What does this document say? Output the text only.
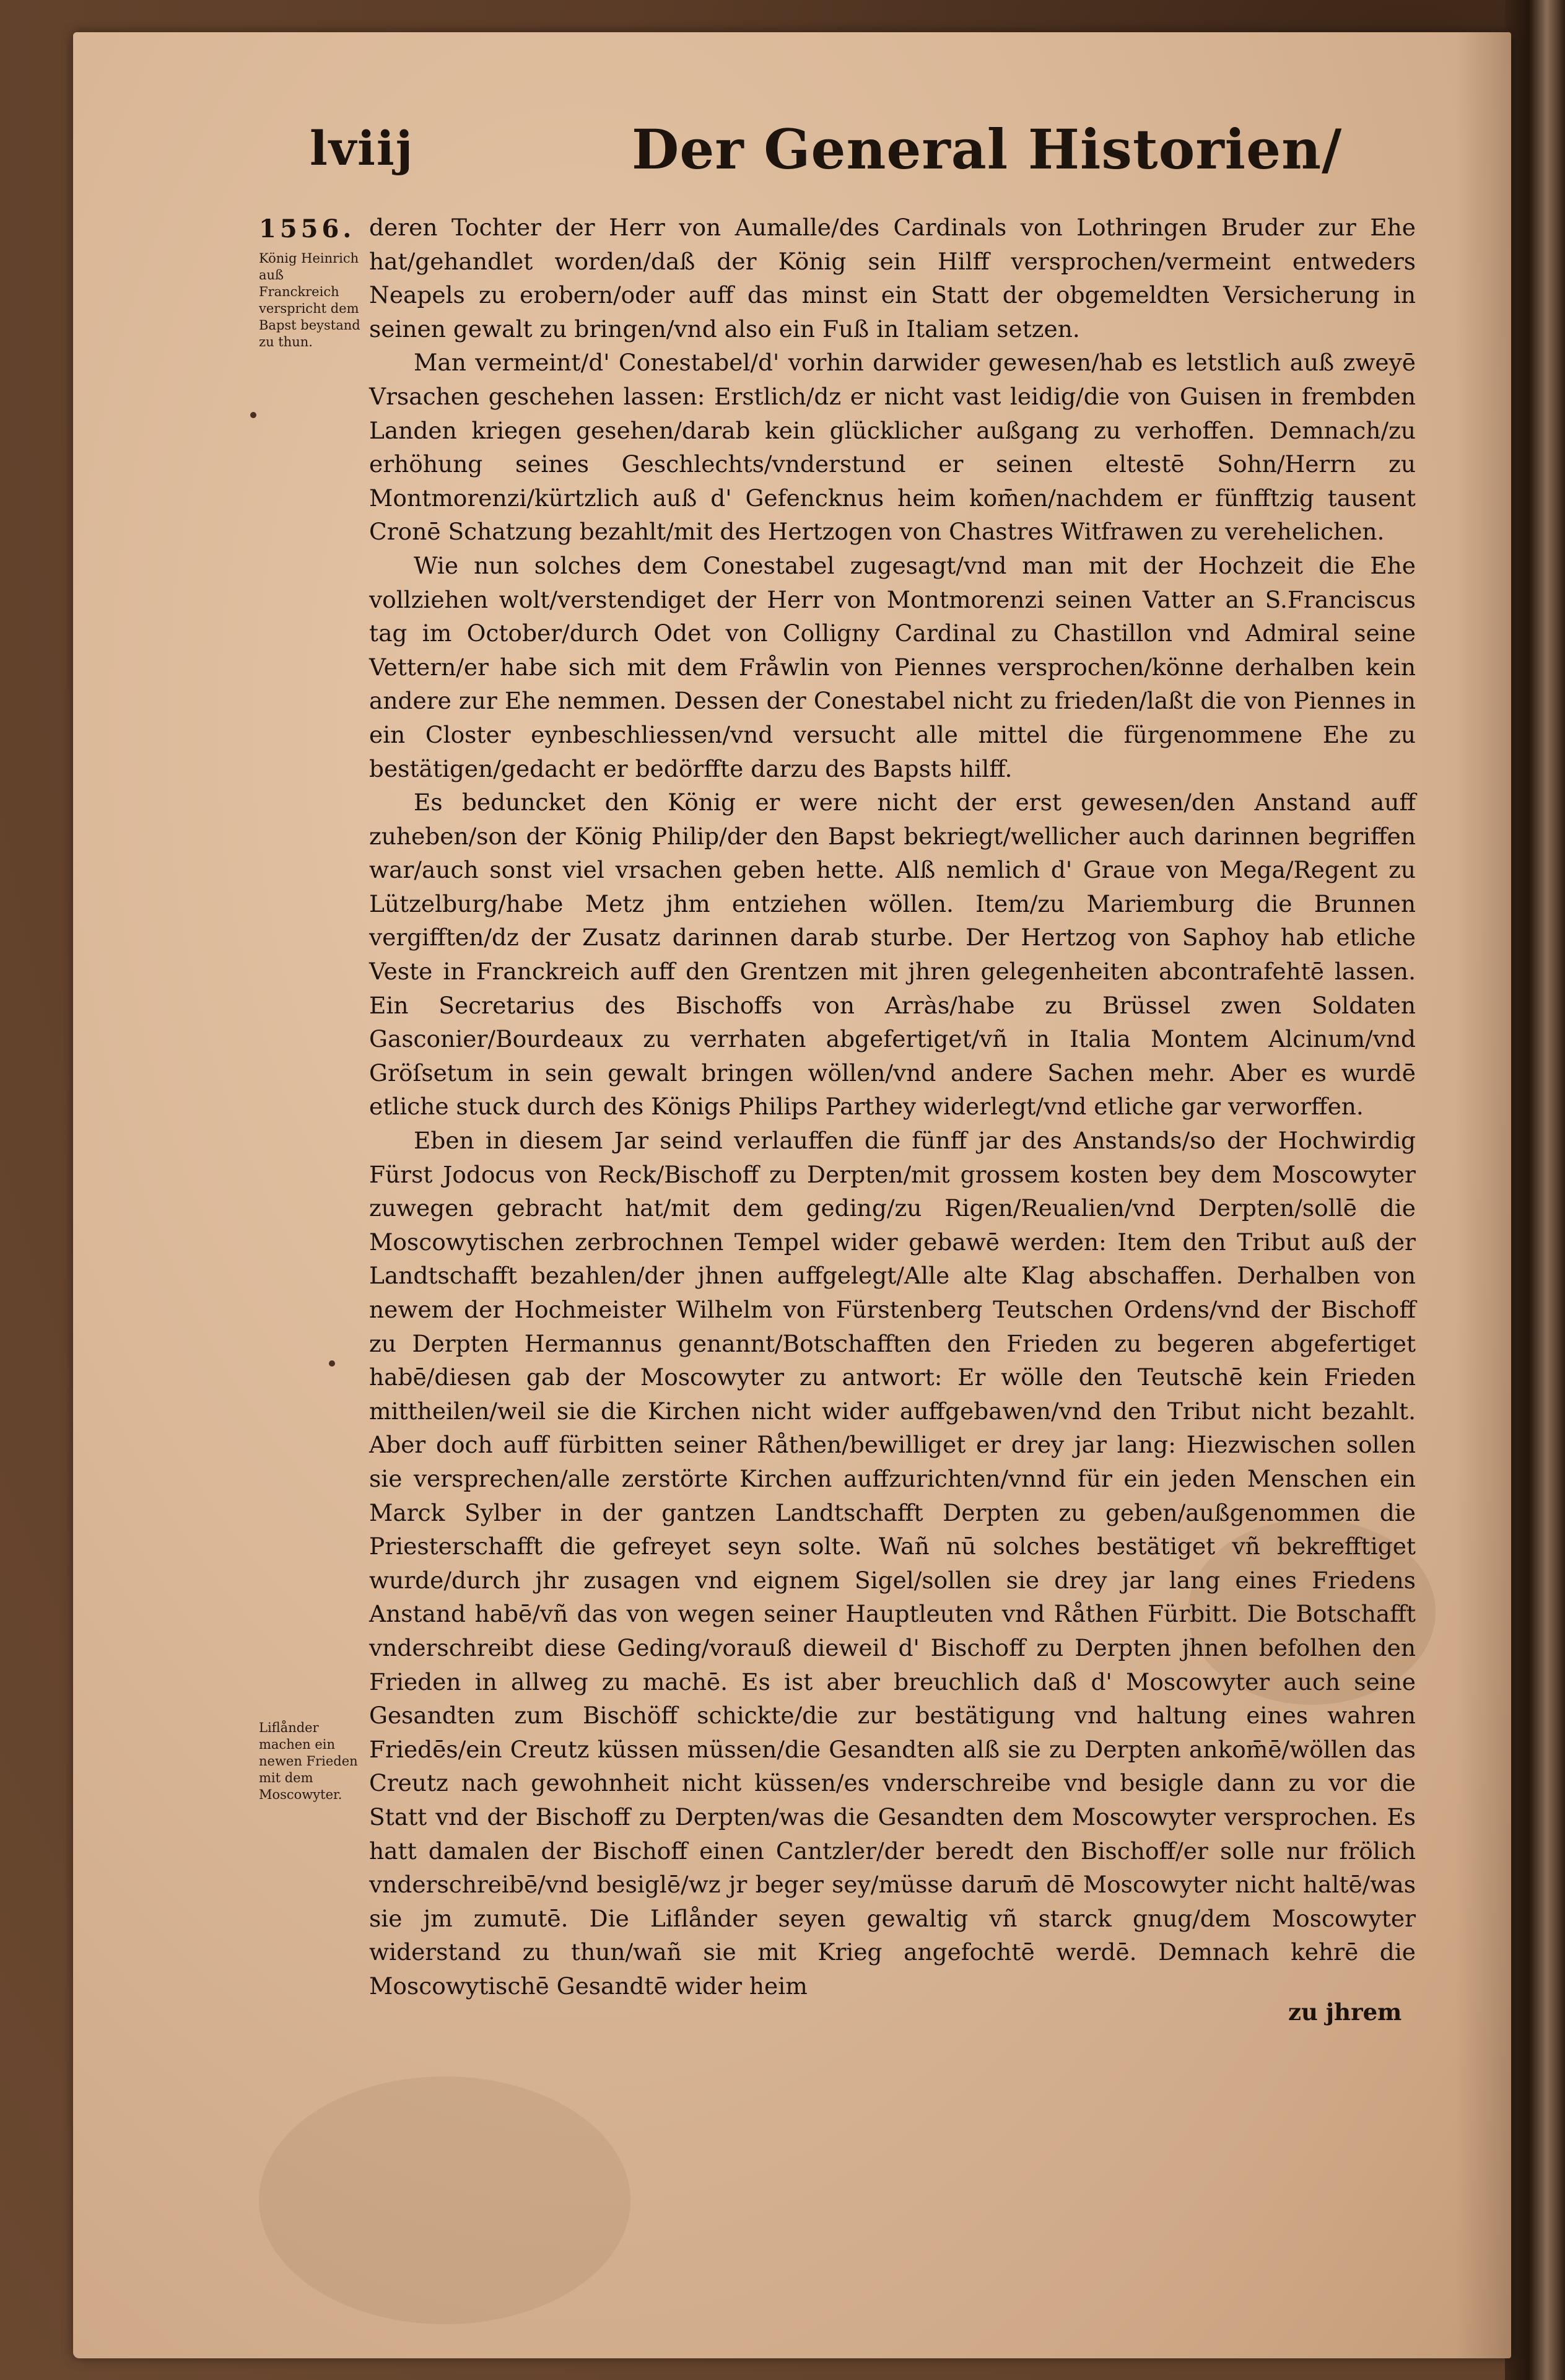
lviij	Der General Historien/
1556.
König Heinrich auß Franckreich verspricht dem Bapst beystand zu thun.
Liflånder machen ein newen Frieden mit dem Moscowyter.

deren Tochter der Herr von Aumalle/des Cardinals von Lothringen Bruder zur Ehe hat/gehandlet worden/daß der König sein Hilff versprochen/vermeint entweders Neapels zu erobern/oder auff das minst ein Statt der obgemeldten Versicherung in seinen gewalt zu bringen/vnd also ein Fuß in Italiam setzen.

Man vermeint/d' Conestabel/d' vorhin darwider gewesen/hab es letstlich auß zweyē Vrsachen geschehen lassen: Erstlich/dz er nicht vast leidig/die von Guisen in frembden Landen kriegen gesehen/darab kein glücklicher außgang zu verhoffen. Demnach/zu erhöhung seines Geschlechts/vnderstund er seinen eltestē Sohn/Herrn zu Montmorenzi/kürtzlich auß d' Gefencknus heim kom̄en/nachdem er fünfftzig tausent Cronē Schatzung bezahlt/mit des Hertzogen von Chastres Witfrawen zu verehelichen.

Wie nun solches dem Conestabel zugesagt/vnd man mit der Hochzeit die Ehe vollziehen wolt/verstendiget der Herr von Montmorenzi seinen Vatter an S.Franciscus tag im October/durch Odet von Colligny Cardinal zu Chastillon vnd Admiral seine Vettern/er habe sich mit dem Fråwlin von Piennes versprochen/könne derhalben kein andere zur Ehe nemmen. Dessen der Conestabel nicht zu frieden/laßt die von Piennes in ein Closter eynbeschliessen/vnd versucht alle mittel die fürgenommene Ehe zu bestätigen/gedacht er bedörffte darzu des Bapsts hilff.

Es beduncket den König er were nicht der erst gewesen/den Anstand auff zuheben/son der König Philip/der den Bapst bekriegt/wellicher auch darinnen begriffen war/auch sonst viel vrsachen geben hette. Alß nemlich d' Graue von Mega/Regent zu Lützelburg/habe Metz jhm entziehen wöllen. Item/zu Mariemburg die Brunnen vergifften/dz der Zusatz darinnen darab sturbe. Der Hertzog von Saphoy hab etliche Veste in Franckreich auff den Grentzen mit jhren gelegenheiten abcontrafehtē lassen. Ein Secretarius des Bischoffs von Arràs/habe zu Brüssel zwen Soldaten Gasconier/Bourdeaux zu verrhaten abgefertiget/vñ in Italia Montem Alcinum/vnd Gröſsetum in sein gewalt bringen wöllen/vnd andere Sachen mehr. Aber es wurdē etliche stuck durch des Königs Philips Parthey widerlegt/vnd etliche gar verworffen.

Eben in diesem Jar seind verlauffen die fünff jar des Anstands/so der Hochwirdig Fürst Jodocus von Reck/Bischoff zu Derpten/mit grossem kosten bey dem Moscowyter zuwegen gebracht hat/mit dem geding/zu Rigen/Reualien/vnd Derpten/sollē die Moscowytischen zerbrochnen Tempel wider gebawē werden: Item den Tribut auß der Landtschafft bezahlen/der jhnen auffgelegt/Alle alte Klag abschaffen. Derhalben von newem der Hochmeister Wilhelm von Fürstenberg Teutschen Ordens/vnd der Bischoff zu Derpten Hermannus genannt/Botschafften den Frieden zu begeren abgefertiget habē/diesen gab der Moscowyter zu antwort: Er wölle den Teutschē kein Frieden mittheilen/weil sie die Kirchen nicht wider auffgebawen/vnd den Tribut nicht bezahlt. Aber doch auff fürbitten seiner Råthen/bewilliget er drey jar lang: Hiezwischen sollen sie versprechen/alle zerstörte Kirchen auffzurichten/vnnd für ein jeden Menschen ein Marck Sylber in der gantzen Landtschafft Derpten zu geben/außgenommen die Priesterschafft die gefreyet seyn solte. Wañ nū solches bestätiget vñ bekrefftiget wurde/durch jhr zusagen vnd eignem Sigel/sollen sie drey jar lang eines Friedens Anstand habē/vñ das von wegen seiner Hauptleuten vnd Råthen Fürbitt. Die Botschafft vnderschreibt diese Geding/vorauß dieweil d' Bischoff zu Derpten jhnen befolhen den Frieden in allweg zu machē. Es ist aber breuchlich daß d' Moscowyter auch seine Gesandten zum Bischöff schickte/die zur bestätigung vnd haltung eines wahren Friedēs/ein Creutz küssen müssen/die Gesandten alß sie zu Derpten ankom̄ē/wöllen das Creutz nach gewohnheit nicht küssen/es vnderschreibe vnd besigle dann zu vor die Statt vnd der Bischoff zu Derpten/was die Gesandten dem Moscowyter versprochen. Es hatt damalen der Bischoff einen Cantzler/der beredt den Bischoff/er solle nur frölich vnderschreibē/vnd besiglē/wz jr beger sey/müsse darum̄ dē Moscowyter nicht haltē/was sie jm zumutē. Die Liflånder seyen gewaltig vñ starck gnug/dem Moscowyter widerstand zu thun/wañ sie mit Krieg angefochtē werdē. Demnach kehrē die Moscowytischē Gesandtē wider heim

zu jhrem
